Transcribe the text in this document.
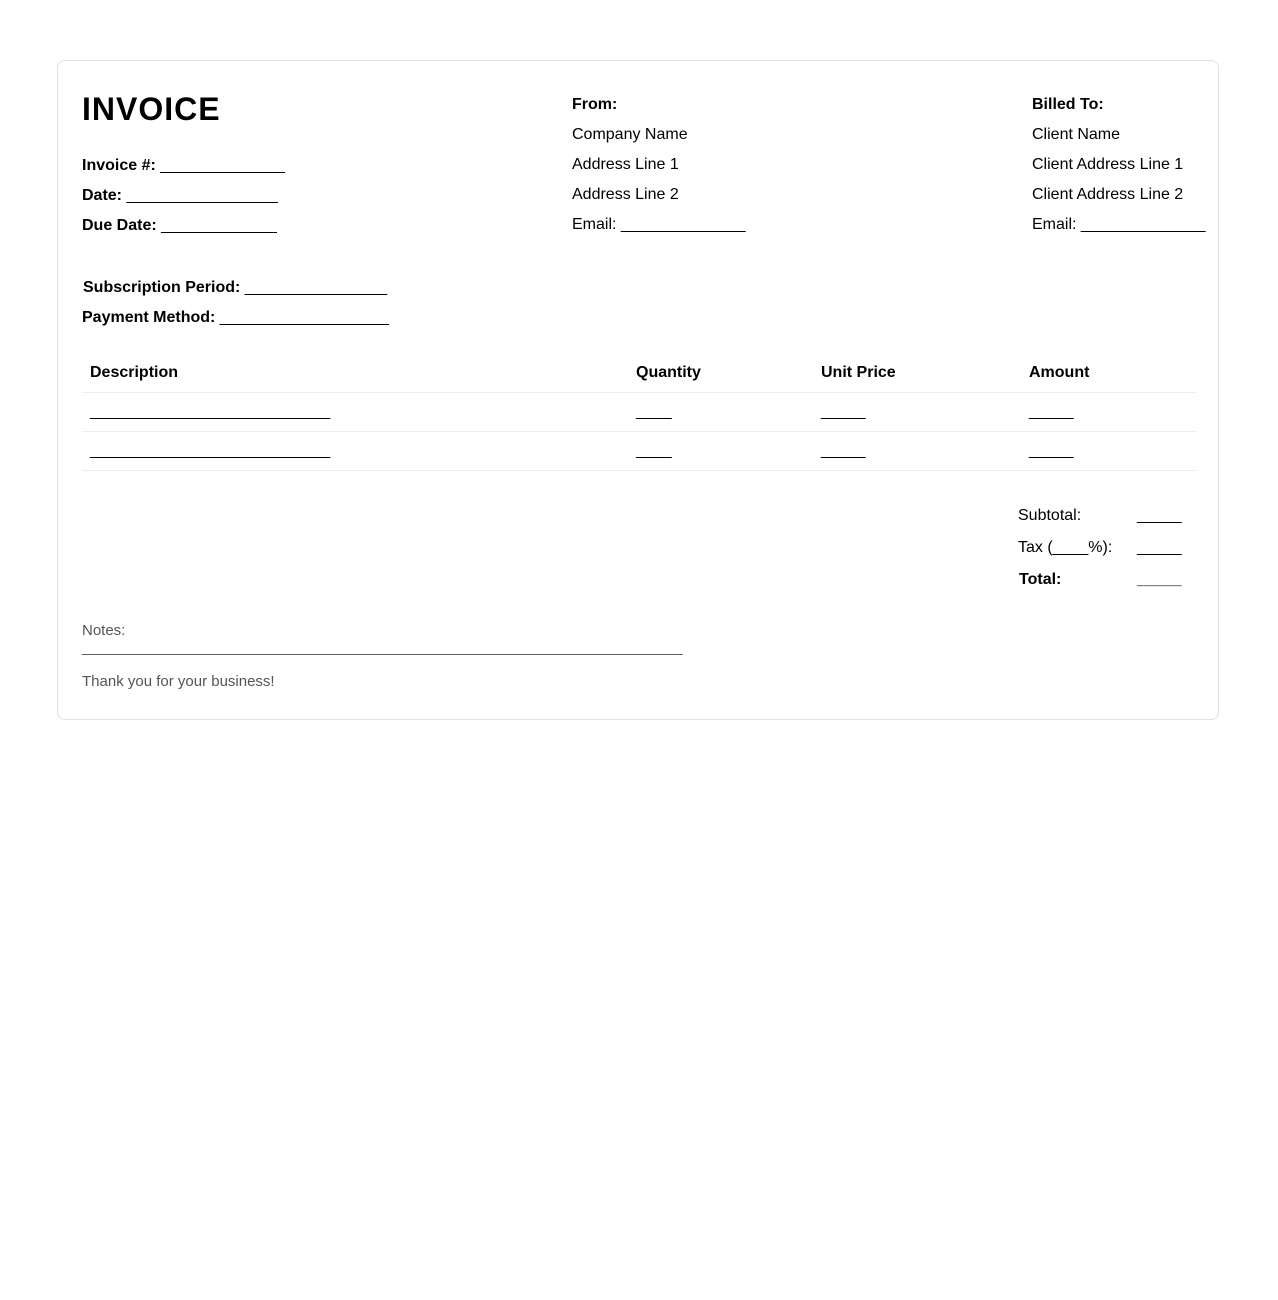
INVOICE
Invoice #: ______________
Date: _________________
Due Date: _____________
Subscription Period: ________________
Payment Method: ___________________
From:
Company Name
Address Line 1
Address Line 2
Email: ______________
Billed To:
Client Name
Client Address Line 1
Client Address Line 2
Email: ______________
Description	Quantity	Unit Price	Amount
___________________________	____	_____	_____
___________________________	____	_____	_____
Subtotal:	_____
Tax (____%): _____
Total:	_____
Notes:
________________________________________________________________________
Thank you for your business!
